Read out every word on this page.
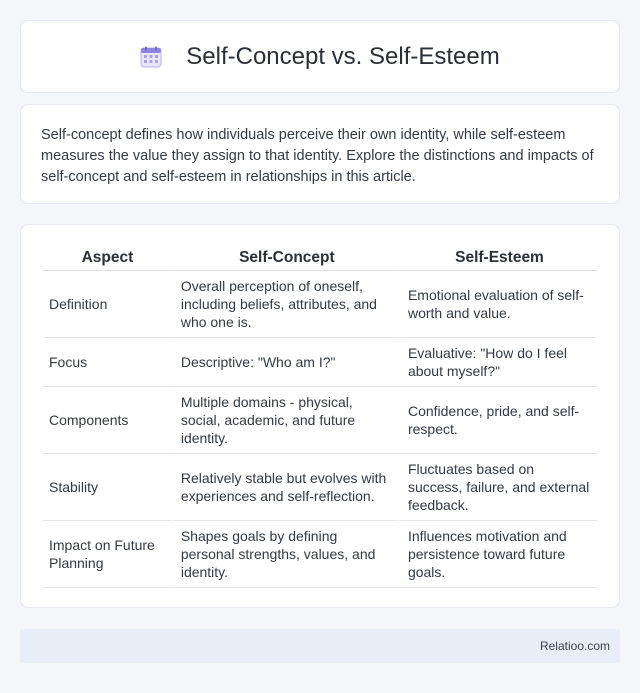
Self-Concept vs. Self-Esteem

Self-concept defines how individuals perceive their own identity, while self-esteem measures the value they assign to that identity. Explore the distinctions and impacts of self-concept and self-esteem in relationships in this article.

Aspect	Self-Concept	Self-Esteem
Definition	Overall perception of oneself, including beliefs, attributes, and who one is.	Emotional evaluation of self-worth and value.
Focus	Descriptive: "Who am I?"	Evaluative: "How do I feel about myself?"
Components	Multiple domains - physical, social, academic, and future identity.	Confidence, pride, and self-respect.
Stability	Relatively stable but evolves with experiences and self-reflection.	Fluctuates based on success, failure, and external feedback.
Impact on Future Planning	Shapes goals by defining personal strengths, values, and identity.	Influences motivation and persistence toward future goals.
Relatioo.com
